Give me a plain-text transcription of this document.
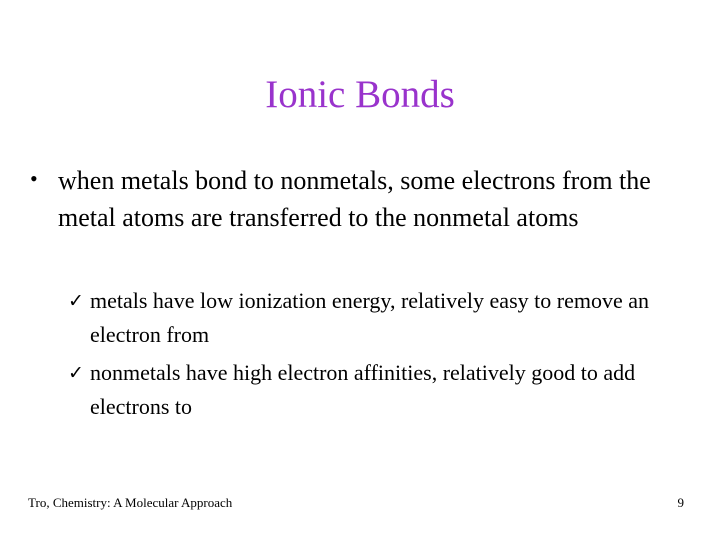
Ionic Bonds
• when metals bond to nonmetals, some electrons from the metal atoms are transferred to the nonmetal atoms
✓ metals have low ionization energy, relatively easy to remove an electron from
✓ nonmetals have high electron affinities, relatively good to add electrons to
Tro, Chemistry: A Molecular Approach	9
